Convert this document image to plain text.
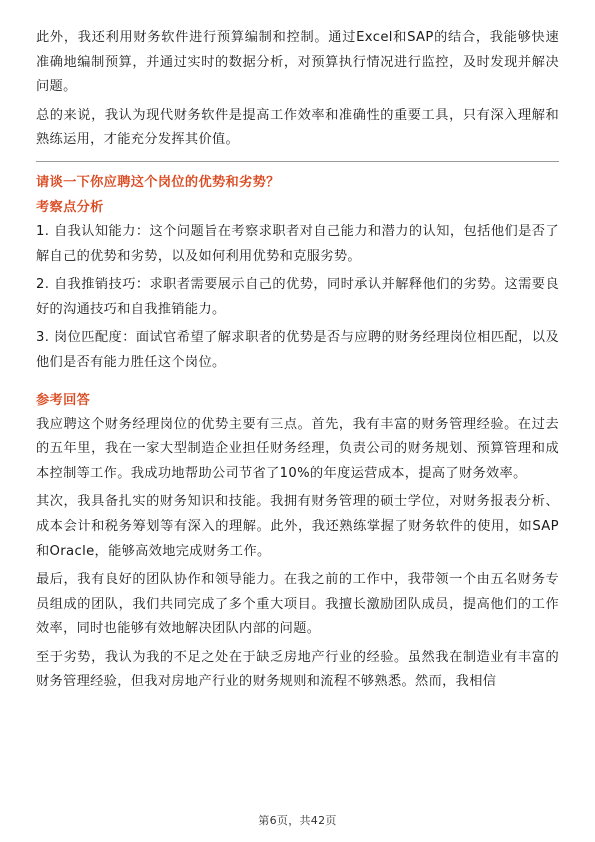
此外，我还利用财务软件进行预算编制和控制。通过Excel和SAP的结合，我能够快速准确地编制预算，并通过实时的数据分析，对预算执行情况进行监控，及时发现并解决问题。

总的来说，我认为现代财务软件是提高工作效率和准确性的重要工具，只有深入理解和熟练运用，才能充分发挥其价值。

请谈一下你应聘这个岗位的优势和劣势？
考察点分析

1. 自我认知能力：这个问题旨在考察求职者对自己能力和潜力的认知，包括他们是否了解自己的优势和劣势，以及如何利用优势和克服劣势。

2. 自我推销技巧：求职者需要展示自己的优势，同时承认并解释他们的劣势。这需要良好的沟通技巧和自我推销能力。

3. 岗位匹配度：面试官希望了解求职者的优势是否与应聘的财务经理岗位相匹配，以及他们是否有能力胜任这个岗位。

参考回答

我应聘这个财务经理岗位的优势主要有三点。首先，我有丰富的财务管理经验。在过去的五年里，我在一家大型制造企业担任财务经理，负责公司的财务规划、预算管理和成本控制等工作。我成功地帮助公司节省了10%的年度运营成本，提高了财务效率。

其次，我具备扎实的财务知识和技能。我拥有财务管理的硕士学位，对财务报表分析、成本会计和税务筹划等有深入的理解。此外，我还熟练掌握了财务软件的使用，如SAP和Oracle，能够高效地完成财务工作。

最后，我有良好的团队协作和领导能力。在我之前的工作中，我带领一个由五名财务专员组成的团队，我们共同完成了多个重大项目。我擅长激励团队成员，提高他们的工作效率，同时也能够有效地解决团队内部的问题。

至于劣势，我认为我的不足之处在于缺乏房地产行业的经验。虽然我在制造业有丰富的财务管理经验，但我对房地产行业的财务规则和流程不够熟悉。然而，我相信

第6页，共42页
